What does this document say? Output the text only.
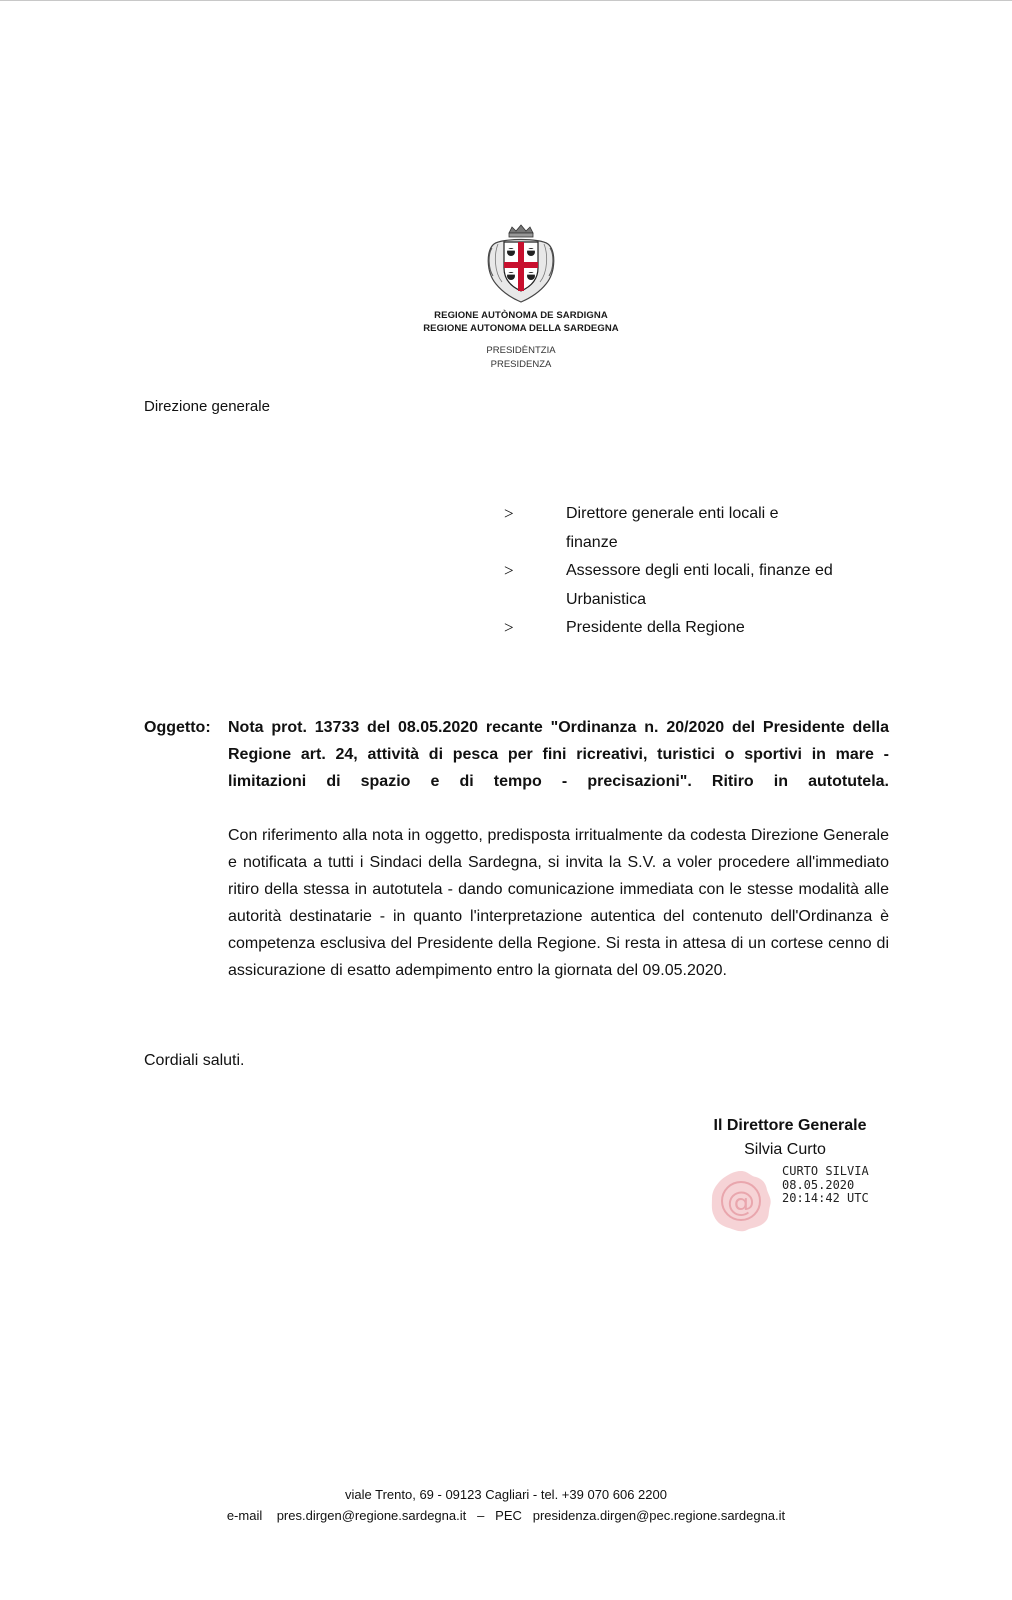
REGIONE AUTÒNOMA DE SARDIGNA
REGIONE AUTONOMA DELLA SARDEGNA
PRESIDÈNTZIA
PRESIDENZA
Direzione generale
>	Direttore generale enti locali e
finanze
>	Assessore degli enti locali, finanze ed
Urbanistica
>	Presidente della Regione
Oggetto: Nota prot. 13733 del 08.05.2020 recante "Ordinanza n. 20/2020 del Presidente della Regione art. 24, attività di pesca per fini ricreativi, turistici o sportivi in mare - limitazioni di spazio e di tempo - precisazioni". Ritiro in autotutela.
Con riferimento alla nota in oggetto, predisposta irritualmente da codesta Direzione Generale e notificata a tutti i Sindaci della Sardegna, si invita la S.V. a voler procedere all'immediato ritiro della stessa in autotutela - dando comunicazione immediata con le stesse modalità alle autorità destinatarie - in quanto l'interpretazione autentica del contenuto dell'Ordinanza è competenza esclusiva del Presidente della Regione. Si resta in attesa di un cortese cenno di assicurazione di esatto adempimento entro la giornata del 09.05.2020.
Cordiali saluti.
Il Direttore Generale
Silvia Curto
@
CURTO SILVIA
08.05.2020
20:14:42 UTC
viale Trento, 69 - 09123 Cagliari - tel. +39 070 606 2200
e-mail pres.dirgen@regione.sardegna.it – PEC presidenza.dirgen@pec.regione.sardegna.it
